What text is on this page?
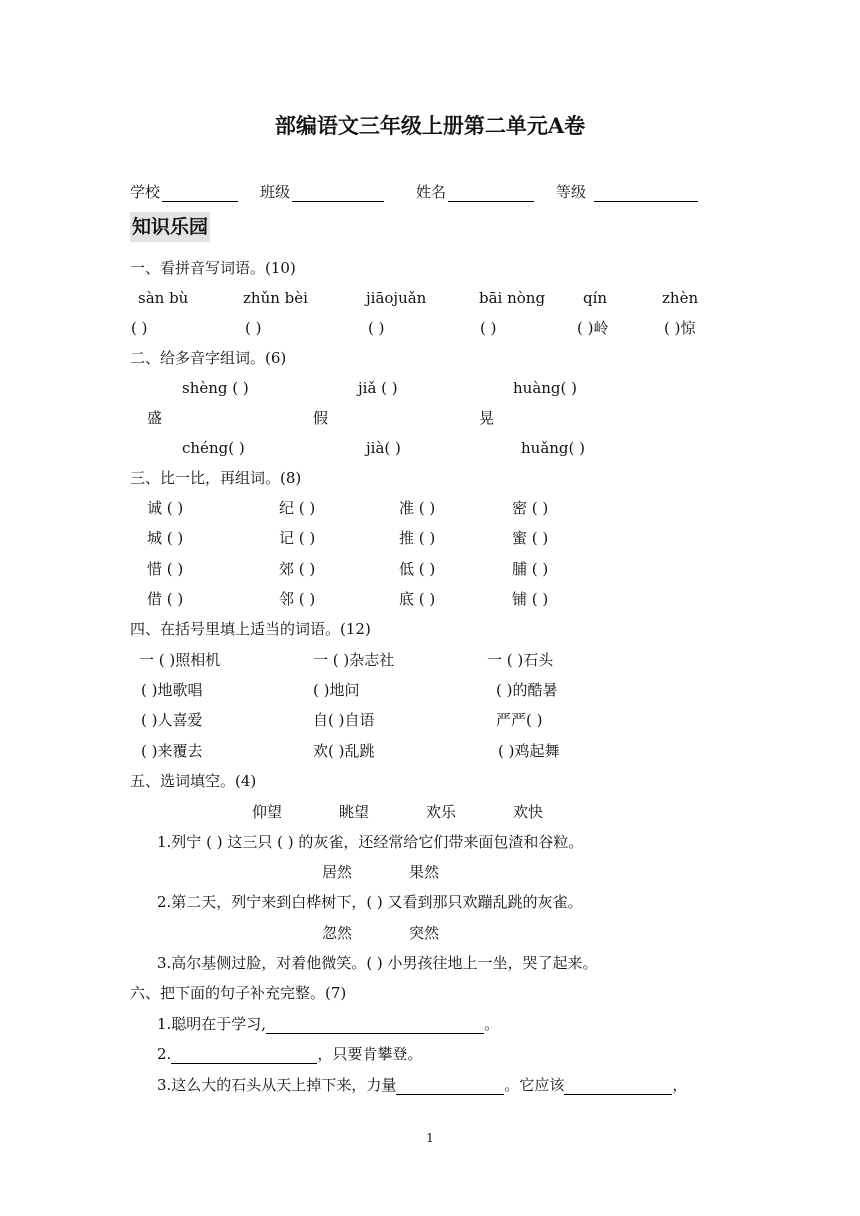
部编语文三年级上册第二单元A卷
学校	班级	姓名	等级
知识乐园
一、看拼音写词语。(10)
sàn bù	zhǔn bèi	jiāojuǎn	bāi nòng	qín	zhèn
( )	( )	( )	( )	( )岭	( )惊
二、给多音字组词。(6)
shèng ( )	jiǎ ( )	huàng( )
盛	假	晃
chéng( )	jià( )	huǎng( )
三、比一比，再组词。(8)
诚 ( )	纪 ( )	准 ( )	密 ( )
城 ( )	记 ( )	推 ( )	蜜 ( )
惜 ( )	郊 ( )	低 ( )	脯 ( )
借 ( )	邻 ( )	底 ( )	铺 ( )
四、在括号里填上适当的词语。(12)
一 ( )照相机	一 ( )杂志社	一 ( )石头
( )地歌唱	( )地问	( )的酷暑
( )人喜爱	自( )自语	严严( )
( )来覆去	欢( )乱跳	( )鸡起舞
五、选词填空。(4)
仰望	眺望	欢乐	欢快
1.列宁 ( ) 这三只 ( ) 的灰雀，还经常给它们带来面包渣和谷粒。
居然	果然
2.第二天，列宁来到白桦树下，( ) 又看到那只欢蹦乱跳的灰雀。
忽然	突然
3.高尔基侧过脸，对着他微笑。( ) 小男孩往地上一坐，哭了起来。
六、把下面的句子补充完整。(7)
1.聪明在于学习,	。
2.	，只要肯攀登。
3.这么大的石头从天上掉下来，力量	。它应该	，
1
